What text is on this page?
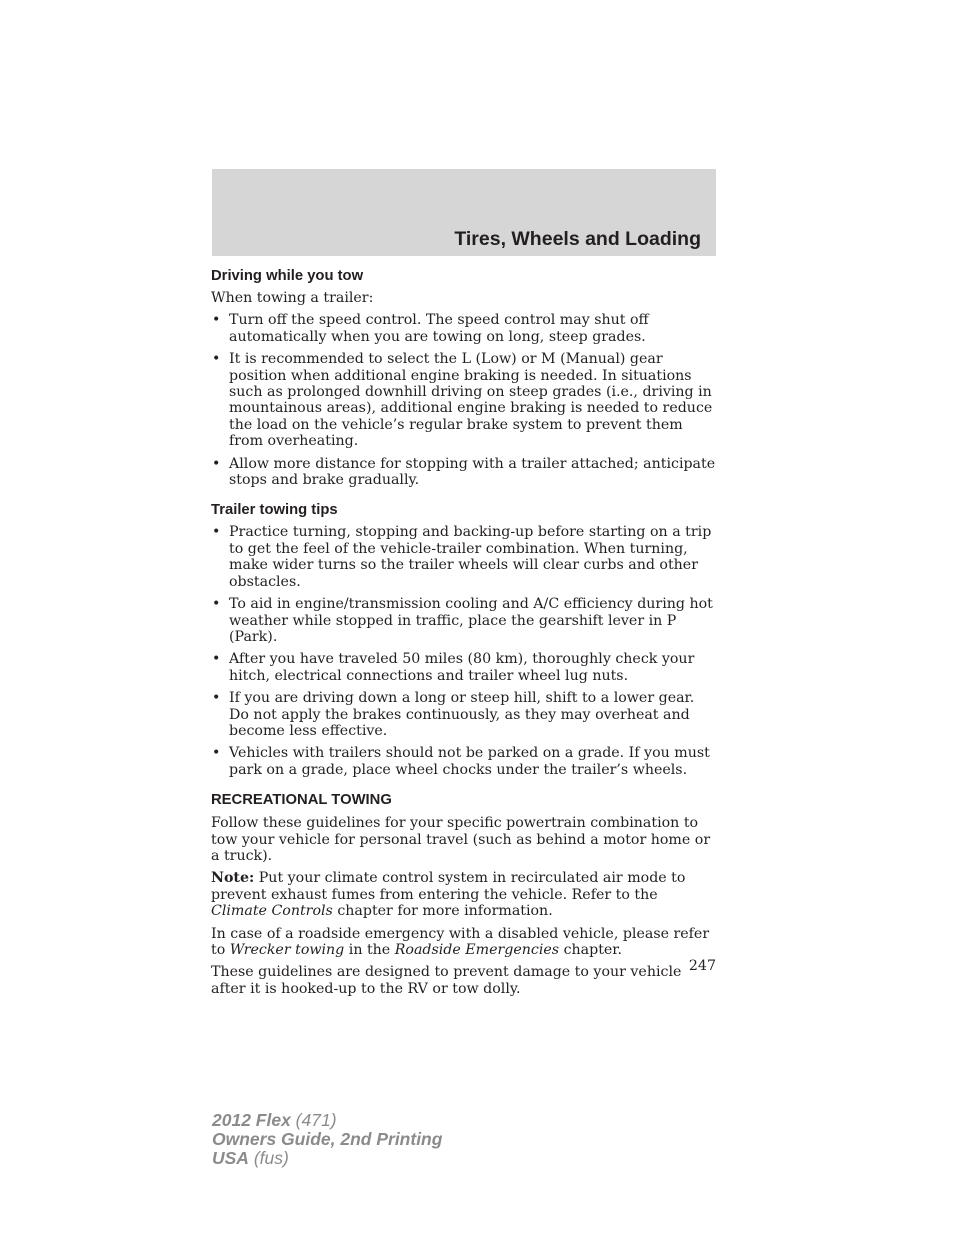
Tires, Wheels and Loading
Driving while you tow

When towing a trailer:

• Turn off the speed control. The speed control may shut off automatically when you are towing on long, steep grades.
• It is recommended to select the L (Low) or M (Manual) gear position when additional engine braking is needed. In situations such as prolonged downhill driving on steep grades (i.e., driving in mountainous areas), additional engine braking is needed to reduce the load on the vehicle’s regular brake system to prevent them from overheating.
• Allow more distance for stopping with a trailer attached; anticipate stops and brake gradually.
Trailer towing tips
• Practice turning, stopping and backing-up before starting on a trip to get the feel of the vehicle-trailer combination. When turning, make wider turns so the trailer wheels will clear curbs and other obstacles.
• To aid in engine/transmission cooling and A/C efficiency during hot weather while stopped in traffic, place the gearshift lever in P (Park).
• After you have traveled 50 miles (80 km), thoroughly check your hitch, electrical connections and trailer wheel lug nuts.
• If you are driving down a long or steep hill, shift to a lower gear. Do not apply the brakes continuously, as they may overheat and become less effective.
• Vehicles with trailers should not be parked on a grade. If you must park on a grade, place wheel chocks under the trailer’s wheels.
RECREATIONAL TOWING

Follow these guidelines for your specific powertrain combination to tow your vehicle for personal travel (such as behind a motor home or a truck).

Note: Put your climate control system in recirculated air mode to prevent exhaust fumes from entering the vehicle. Refer to the Climate Controls chapter for more information.

In case of a roadside emergency with a disabled vehicle, please refer to Wrecker towing in the Roadside Emergencies chapter.

These guidelines are designed to prevent damage to your vehicle after it is hooked-up to the RV or tow dolly.

247
2012 Flex (471)
Owners Guide, 2nd Printing
USA (fus)
